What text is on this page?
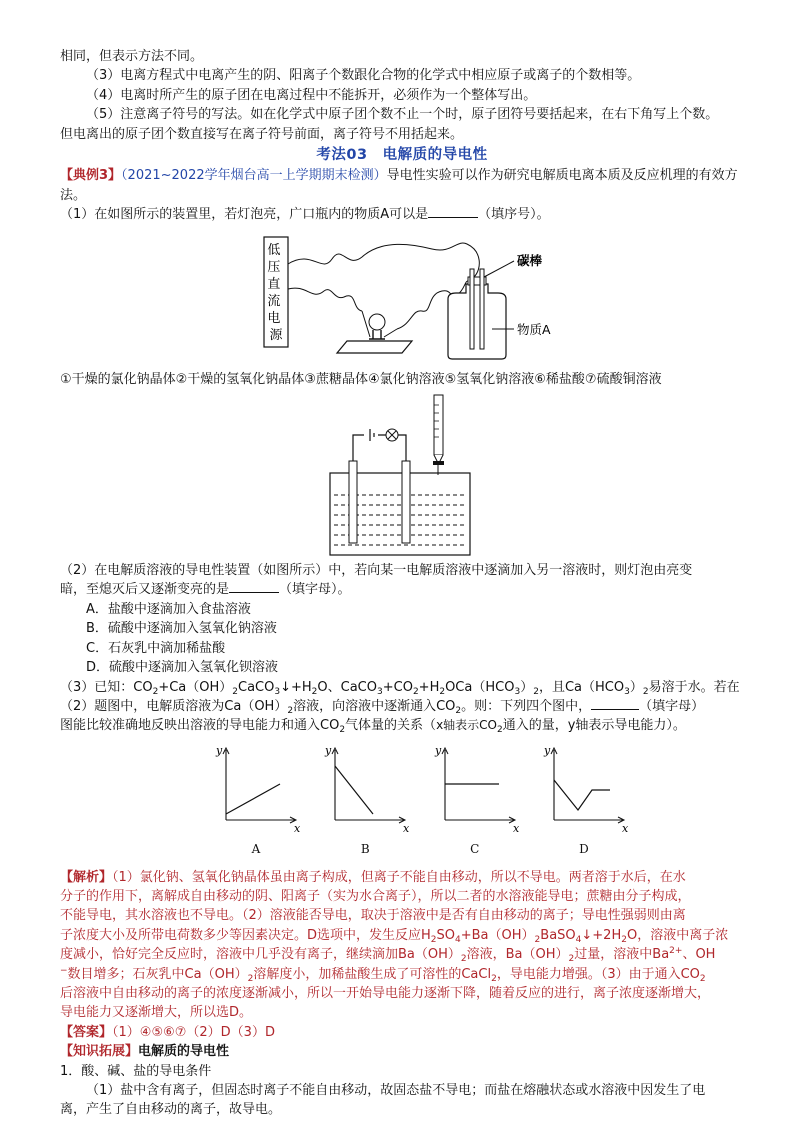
相同，但表示方法不同。

（3）电离方程式中电离产生的阴、阳离子个数跟化合物的化学式中相应原子或离子的个数相等。

（4）电离时所产生的原子团在电离过程中不能拆开，必须作为一个整体写出。

（5）注意离子符号的写法。如在化学式中原子团个数不止一个时，原子团符号要括起来，在右下角写上个数。

但电离出的原子团个数直接写在离子符号前面，离子符号不用括起来。

考法03　电解质的导电性

【典例3】（2021~2022学年烟台高一上学期期末检测）导电性实验可以作为研究电解质电离本质及反应机理的有效方法。

（1）在如图所示的装置里，若灯泡亮，广口瓶内的物质A可以是	（填序号）。

低 压 直 流 电 源
碳棒
物质A

①干燥的氯化钠晶体②干燥的氢氧化钠晶体③蔗糖晶体④氯化钠溶液⑤氢氧化钠溶液⑥稀盐酸⑦硫酸铜溶液

（2）在电解质溶液的导电性装置（如图所示）中，若向某一电解质溶液中逐滴加入另一溶液时，则灯泡由亮变

暗，至熄灭后又逐渐变亮的是	（填字母）。

A．盐酸中逐滴加入食盐溶液

B．硫酸中逐滴加入氢氧化钠溶液

C．石灰乳中滴加稀盐酸

D．硫酸中逐滴加入氢氧化钡溶液

（3）已知：$CO_2+Ca(OH)_2CaCO_3↓+H_2O$、$CaCO_3+CO_2+H_2OCa(HCO_3)_2$，且$Ca(HCO_3)_2$易溶于水。若在

（2）题图中，电解质溶液为$Ca(OH)_2$溶液，向溶液中逐渐通入$CO_2$。则：下列四个图中，	（填字母）

图能比较准确地反映出溶液的导电能力和通入$CO_2$气体量的关系（x轴表示$CO_2$通入的量，y轴表示导电能力）。

y
x
A
y
x
B
y
x
C
y
x
D

【解析】（1）氯化钠、氢氧化钠晶体虽由离子构成，但离子不能自由移动，所以不导电。两者溶于水后，在水

分子的作用下，离解成自由移动的阴、阳离子（实为水合离子），所以二者的水溶液能导电；蔗糖由分子构成，

不能导电，其水溶液也不导电。（2）溶液能否导电，取决于溶液中是否有自由移动的离子；导电性强弱则由离

子浓度大小及所带电荷数多少等因素决定。D选项中，发生反应$H_2SO_4+Ba(OH)_2BaSO_4↓+2H_2O$，溶液中离子浓

度减小，恰好完全反应时，溶液中几乎没有离子，继续滴加$Ba(OH)_2$溶液，$Ba(OH)_2$过量，溶液中$Ba^{2+}$、OH

−数目增多；石灰乳中$Ca(OH)_2$溶解度小，加稀盐酸生成了可溶性的CaCl$_2$，导电能力增强。（3）由于通入$CO_2$

后溶液中自由移动的离子的浓度逐渐减小，所以一开始导电能力逐渐下降，随着反应的进行，离子浓度逐渐增大，

导电能力又逐渐增大，所以选D。

【答案】（1）④⑤⑥⑦（2）D（3）D

【知识拓展】电解质的导电性

1．酸、碱、盐的导电条件

（1）盐中含有离子，但固态时离子不能自由移动，故固态盐不导电；而盐在熔融状态或水溶液中因发生了电

离，产生了自由移动的离子，故导电。
